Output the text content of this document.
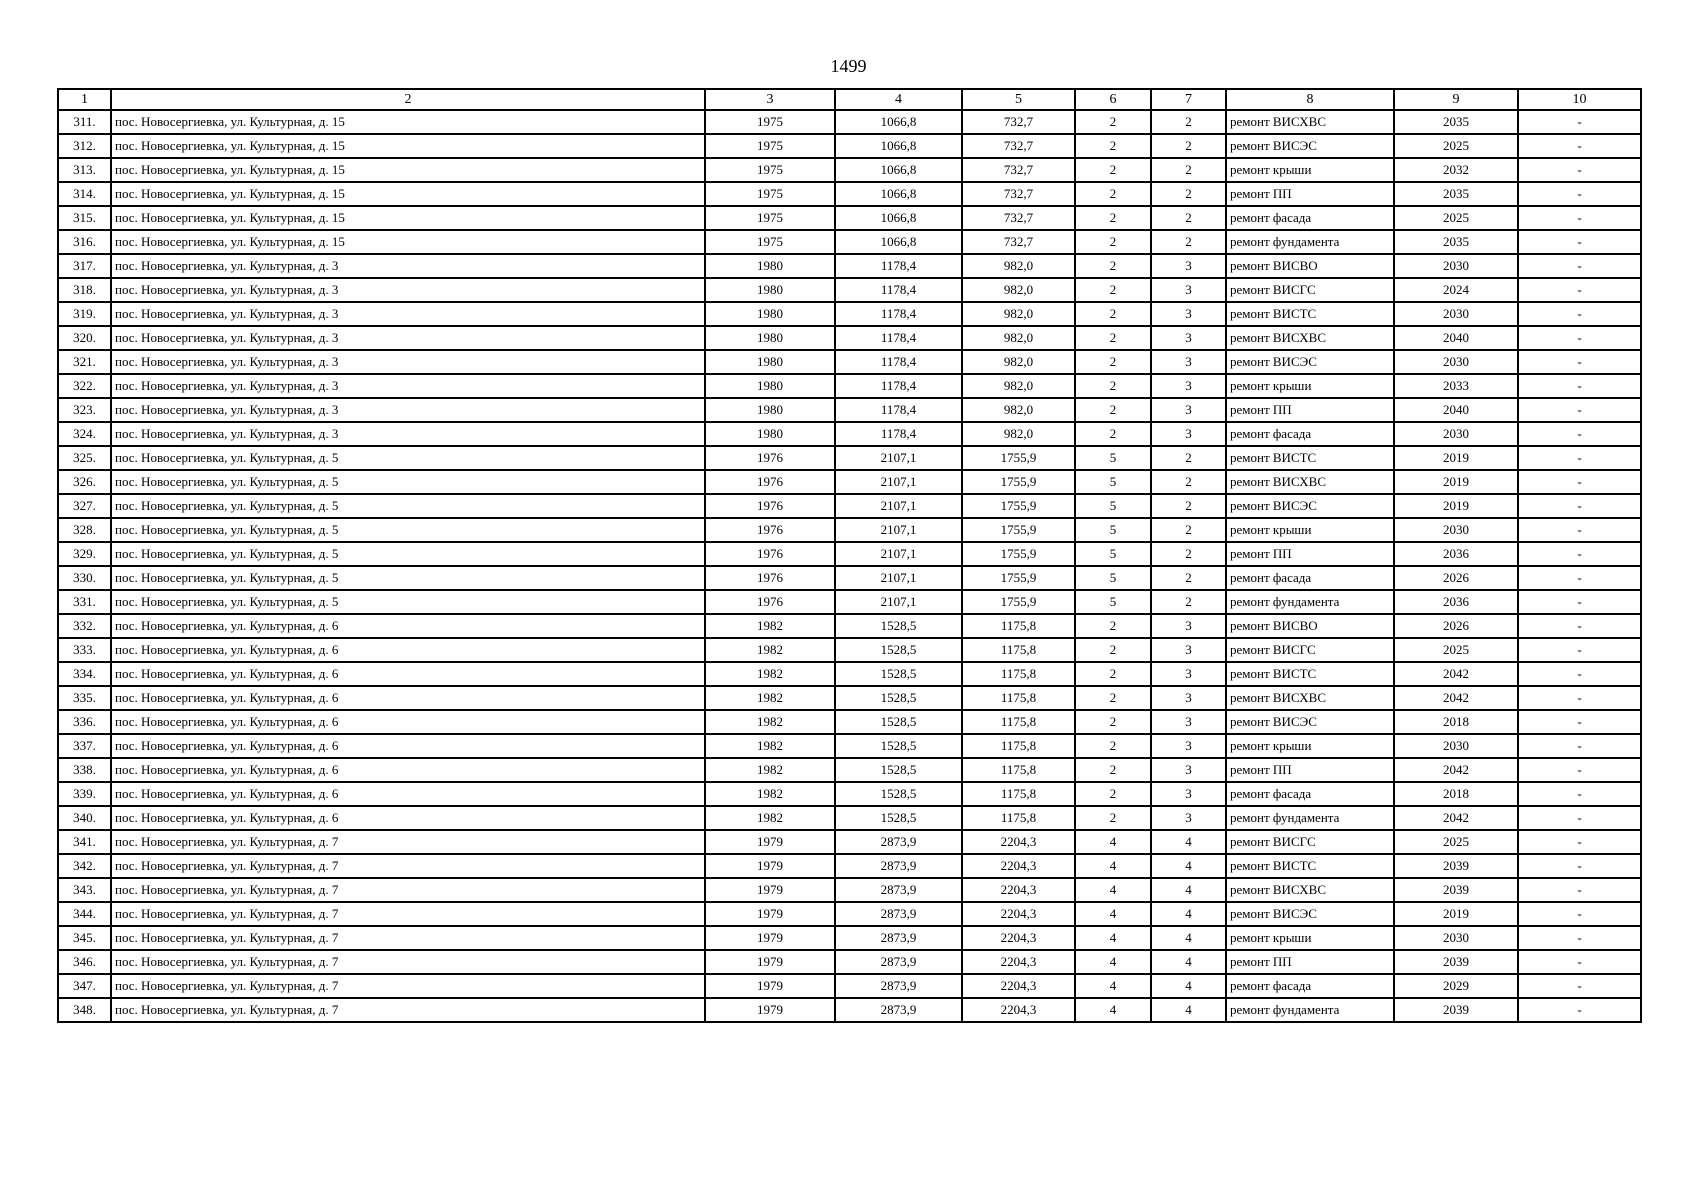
1499
1	2	3	4	5	6	7	8	9	10
311.	пос. Новосергиевка, ул. Культурная, д. 15	1975	1066,8	732,7	2	2	ремонт ВИСХВС	2035	-
312.	пос. Новосергиевка, ул. Культурная, д. 15	1975	1066,8	732,7	2	2	ремонт ВИСЭС	2025	-
313.	пос. Новосергиевка, ул. Культурная, д. 15	1975	1066,8	732,7	2	2	ремонт крыши	2032	-
314.	пос. Новосергиевка, ул. Культурная, д. 15	1975	1066,8	732,7	2	2	ремонт ПП	2035	-
315.	пос. Новосергиевка, ул. Культурная, д. 15	1975	1066,8	732,7	2	2	ремонт фасада	2025	-
316.	пос. Новосергиевка, ул. Культурная, д. 15	1975	1066,8	732,7	2	2	ремонт фундамента	2035	-
317.	пос. Новосергиевка, ул. Культурная, д. 3	1980	1178,4	982,0	2	3	ремонт ВИСВО	2030	-
318.	пос. Новосергиевка, ул. Культурная, д. 3	1980	1178,4	982,0	2	3	ремонт ВИСГС	2024	-
319.	пос. Новосергиевка, ул. Культурная, д. 3	1980	1178,4	982,0	2	3	ремонт ВИСТС	2030	-
320.	пос. Новосергиевка, ул. Культурная, д. 3	1980	1178,4	982,0	2	3	ремонт ВИСХВС	2040	-
321.	пос. Новосергиевка, ул. Культурная, д. 3	1980	1178,4	982,0	2	3	ремонт ВИСЭС	2030	-
322.	пос. Новосергиевка, ул. Культурная, д. 3	1980	1178,4	982,0	2	3	ремонт крыши	2033	-
323.	пос. Новосергиевка, ул. Культурная, д. 3	1980	1178,4	982,0	2	3	ремонт ПП	2040	-
324.	пос. Новосергиевка, ул. Культурная, д. 3	1980	1178,4	982,0	2	3	ремонт фасада	2030	-
325.	пос. Новосергиевка, ул. Культурная, д. 5	1976	2107,1	1755,9	5	2	ремонт ВИСТС	2019	-
326.	пос. Новосергиевка, ул. Культурная, д. 5	1976	2107,1	1755,9	5	2	ремонт ВИСХВС	2019	-
327.	пос. Новосергиевка, ул. Культурная, д. 5	1976	2107,1	1755,9	5	2	ремонт ВИСЭС	2019	-
328.	пос. Новосергиевка, ул. Культурная, д. 5	1976	2107,1	1755,9	5	2	ремонт крыши	2030	-
329.	пос. Новосергиевка, ул. Культурная, д. 5	1976	2107,1	1755,9	5	2	ремонт ПП	2036	-
330.	пос. Новосергиевка, ул. Культурная, д. 5	1976	2107,1	1755,9	5	2	ремонт фасада	2026	-
331.	пос. Новосергиевка, ул. Культурная, д. 5	1976	2107,1	1755,9	5	2	ремонт фундамента	2036	-
332.	пос. Новосергиевка, ул. Культурная, д. 6	1982	1528,5	1175,8	2	3	ремонт ВИСВО	2026	-
333.	пос. Новосергиевка, ул. Культурная, д. 6	1982	1528,5	1175,8	2	3	ремонт ВИСГС	2025	-
334.	пос. Новосергиевка, ул. Культурная, д. 6	1982	1528,5	1175,8	2	3	ремонт ВИСТС	2042	-
335.	пос. Новосергиевка, ул. Культурная, д. 6	1982	1528,5	1175,8	2	3	ремонт ВИСХВС	2042	-
336.	пос. Новосергиевка, ул. Культурная, д. 6	1982	1528,5	1175,8	2	3	ремонт ВИСЭС	2018	-
337.	пос. Новосергиевка, ул. Культурная, д. 6	1982	1528,5	1175,8	2	3	ремонт крыши	2030	-
338.	пос. Новосергиевка, ул. Культурная, д. 6	1982	1528,5	1175,8	2	3	ремонт ПП	2042	-
339.	пос. Новосергиевка, ул. Культурная, д. 6	1982	1528,5	1175,8	2	3	ремонт фасада	2018	-
340.	пос. Новосергиевка, ул. Культурная, д. 6	1982	1528,5	1175,8	2	3	ремонт фундамента	2042	-
341.	пос. Новосергиевка, ул. Культурная, д. 7	1979	2873,9	2204,3	4	4	ремонт ВИСГС	2025	-
342.	пос. Новосергиевка, ул. Культурная, д. 7	1979	2873,9	2204,3	4	4	ремонт ВИСТС	2039	-
343.	пос. Новосергиевка, ул. Культурная, д. 7	1979	2873,9	2204,3	4	4	ремонт ВИСХВС	2039	-
344.	пос. Новосергиевка, ул. Культурная, д. 7	1979	2873,9	2204,3	4	4	ремонт ВИСЭС	2019	-
345.	пос. Новосергиевка, ул. Культурная, д. 7	1979	2873,9	2204,3	4	4	ремонт крыши	2030	-
346.	пос. Новосергиевка, ул. Культурная, д. 7	1979	2873,9	2204,3	4	4	ремонт ПП	2039	-
347.	пос. Новосергиевка, ул. Культурная, д. 7	1979	2873,9	2204,3	4	4	ремонт фасада	2029	-
348.	пос. Новосергиевка, ул. Культурная, д. 7	1979	2873,9	2204,3	4	4	ремонт фундамента	2039	-
